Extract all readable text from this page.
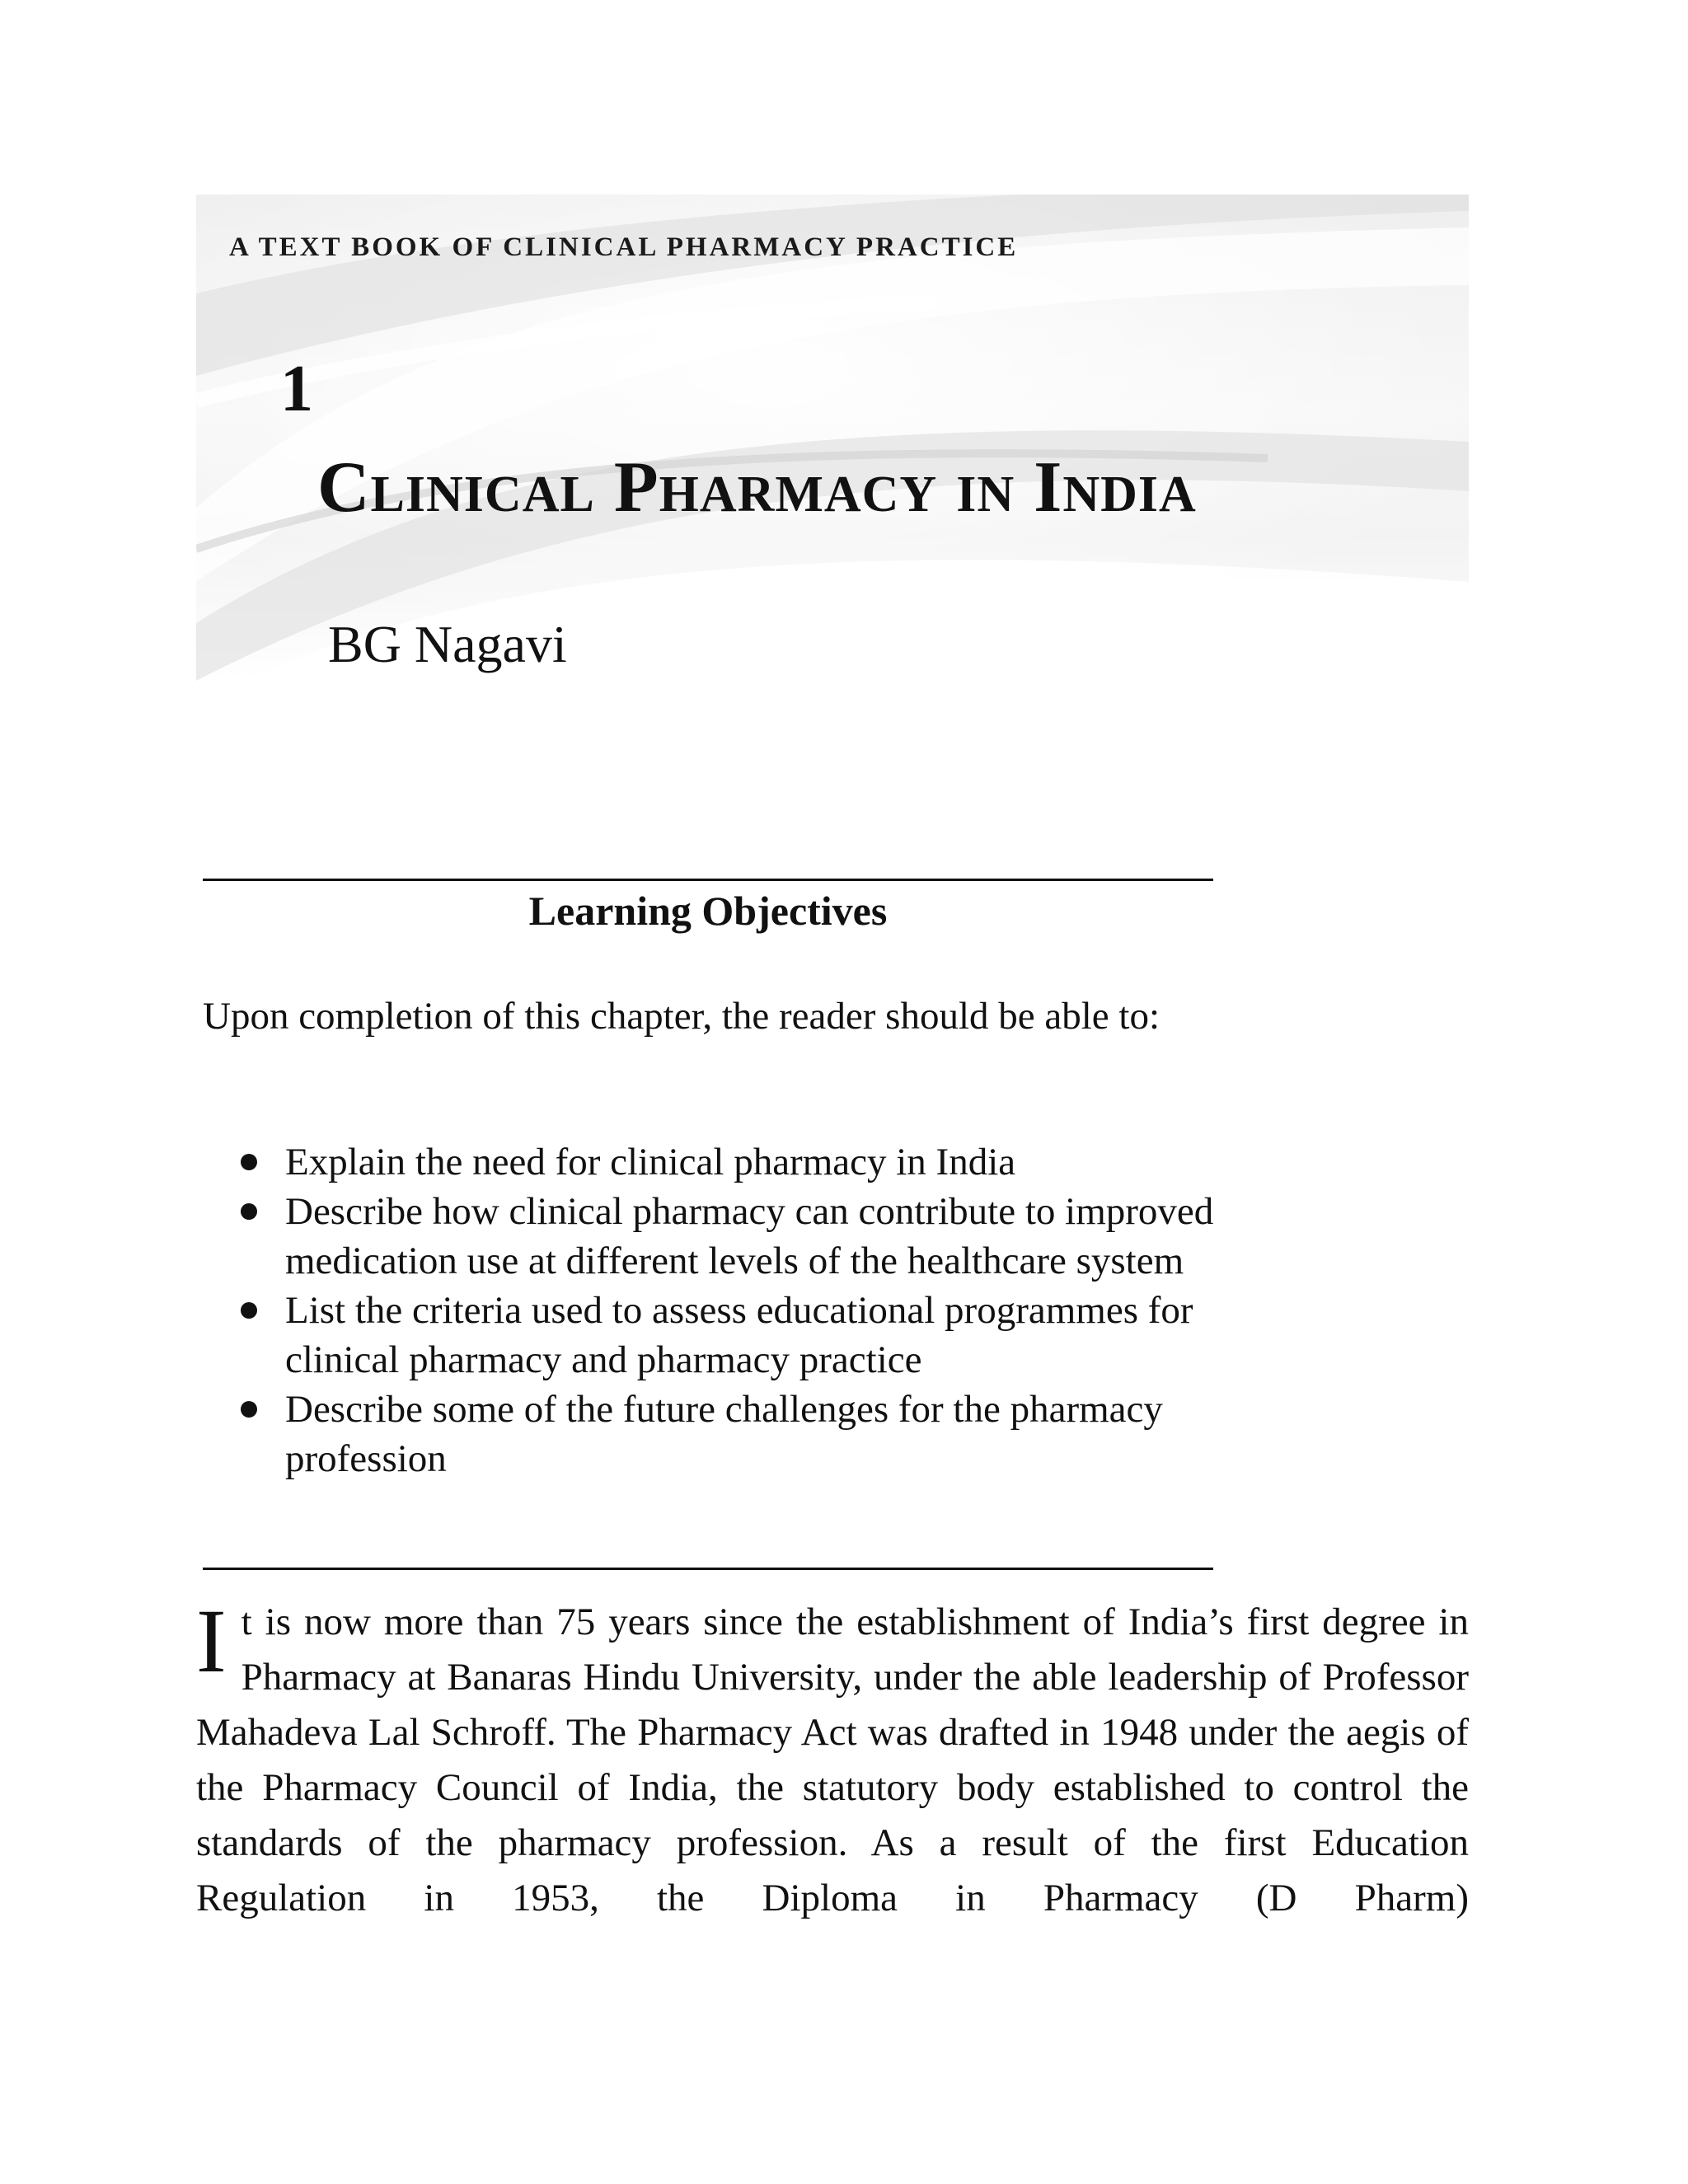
A TEXT BOOK OF CLINICAL PHARMACY PRACTICE
1
Clinical Pharmacy in India

BG Nagavi

Learning Objectives

Upon completion of this chapter, the reader should be able to:

Explain the need for clinical pharmacy in India
Describe how clinical pharmacy can contribute to improved medication use at different levels of the healthcare system
List the criteria used to assess educational programmes for clinical pharmacy and pharmacy practice
Describe some of the future challenges for the pharmacy profession

It is now more than 75 years since the establishment of India’s first degree in Pharmacy at Banaras Hindu University, under the able leadership of Professor Mahadeva Lal Schroff. The Pharmacy Act was drafted in 1948 under the aegis of the Pharmacy Council of India, the statutory body established to control the standards of the pharmacy profession. As a result of the first Education Regulation in 1953, the Diploma in Pharmacy (D Pharm)
